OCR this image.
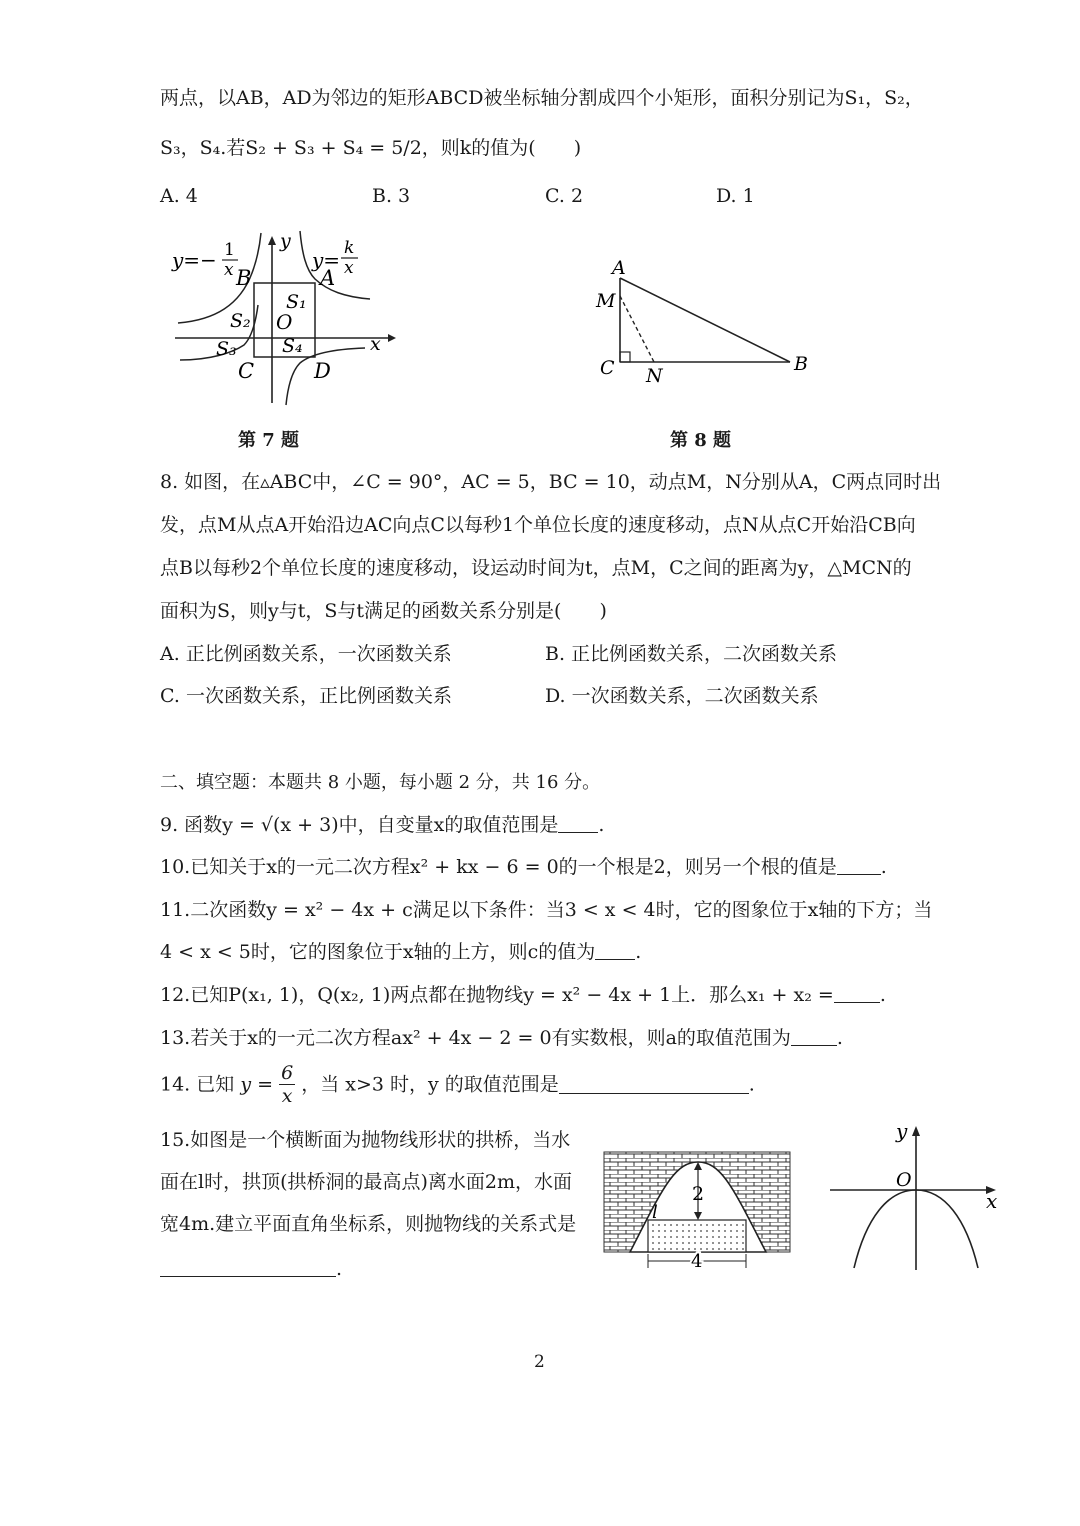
两点，以AB，AD为邻边的矩形ABCD被坐标轴分割成四个小矩形，面积分别记为S₁，S₂，
S₃，S₄.若S₂ + S₃ + S₄ = 5/2，则k的值为(　　)
A. 4	B. 3	C. 2	D. 1
y=− 1
x	y= k
x
y
x
B	A
C	D
O
S₁
S₂
S₃ S₄
第 7 题
A
M
C N
B
第 8 题
8. 如图，在▵ABC中，∠C = 90°，AC = 5，BC = 10，动点M，N分别从A，C两点同时出
发，点M从点A开始沿边AC向点C以每秒1个单位长度的速度移动，点N从点C开始沿CB向
点B以每秒2个单位长度的速度移动，设运动时间为t，点M，C之间的距离为y，△MCN的
面积为S，则y与t，S与t满足的函数关系分别是(　　)
A. 正比例函数关系，一次函数关系	B. 正比例函数关系，二次函数关系
C. 一次函数关系，正比例函数关系	D. 一次函数关系，二次函数关系
二、填空题：本题共 8 小题，每小题 2 分，共 16 分。
9. 函数y = √(x + 3)中，自变量x的取值范围是 .
10.已知关于x的一元二次方程x² + kx − 6 = 0的一个根是2，则另一个根的值是 .
11.二次函数y = x² − 4x + c满足以下条件：当3 < x < 4时，它的图象位于x轴的下方；当
4 < x < 5时，它的图象位于x轴的上方，则c的值为 .
12.已知P(x₁, 1)，Q(x₂, 1)两点都在抛物线y = x² − 4x + 1上．那么x₁ + x₂ = .
13.若关于x的一元二次方程ax² + 4x − 2 = 0有实数根，则a的取值范围为 .
14. 已知 $y = \frac{6}{x}$ ，当 x>3 时，y 的取值范围是	.
15.如图是一个横断面为抛物线形状的拱桥，当水
面在l时，拱顶(拱桥洞的最高点)离水面2m，水面
宽4m.建立平面直角坐标系，则抛物线的关系式是
.
2
l
4
y
x
O
2
